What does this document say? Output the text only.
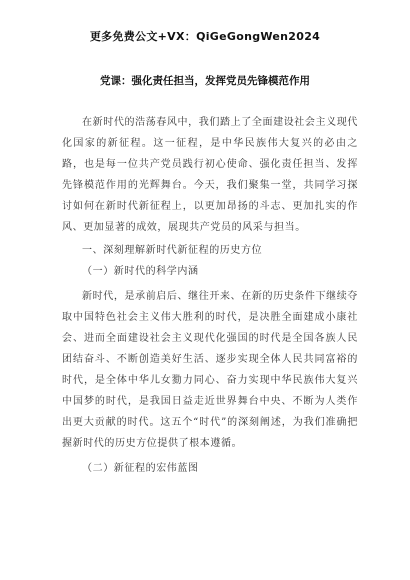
更多免费公文+VX：QiGeGongWen2024
党课：强化责任担当，发挥党员先锋模范作用

在新时代的浩荡春风中，我们踏上了全面建设社会主义现代化国家的新征程。这一征程，是中华民族伟大复兴的必由之路，也是每一位共产党员践行初心使命、强化责任担当、发挥先锋模范作用的光辉舞台。今天，我们聚集一堂，共同学习探讨如何在新时代新征程上，以更加昂扬的斗志、更加扎实的作风、更加显著的成效，展现共产党员的风采与担当。

一、深刻理解新时代新征程的历史方位

（一）新时代的科学内涵

新时代，是承前启后、继往开来、在新的历史条件下继续夺取中国特色社会主义伟大胜利的时代，是决胜全面建成小康社会、进而全面建设社会主义现代化强国的时代是全国各族人民团结奋斗、不断创造美好生活、逐步实现全体人民共同富裕的时代，是全体中华儿女勠力同心、奋力实现中华民族伟大复兴中国梦的时代，是我国日益走近世界舞台中央、不断为人类作出更大贡献的时代。这五个“时代”的深刻阐述，为我们准确把握新时代的历史方位提供了根本遵循。

（二）新征程的宏伟蓝图
